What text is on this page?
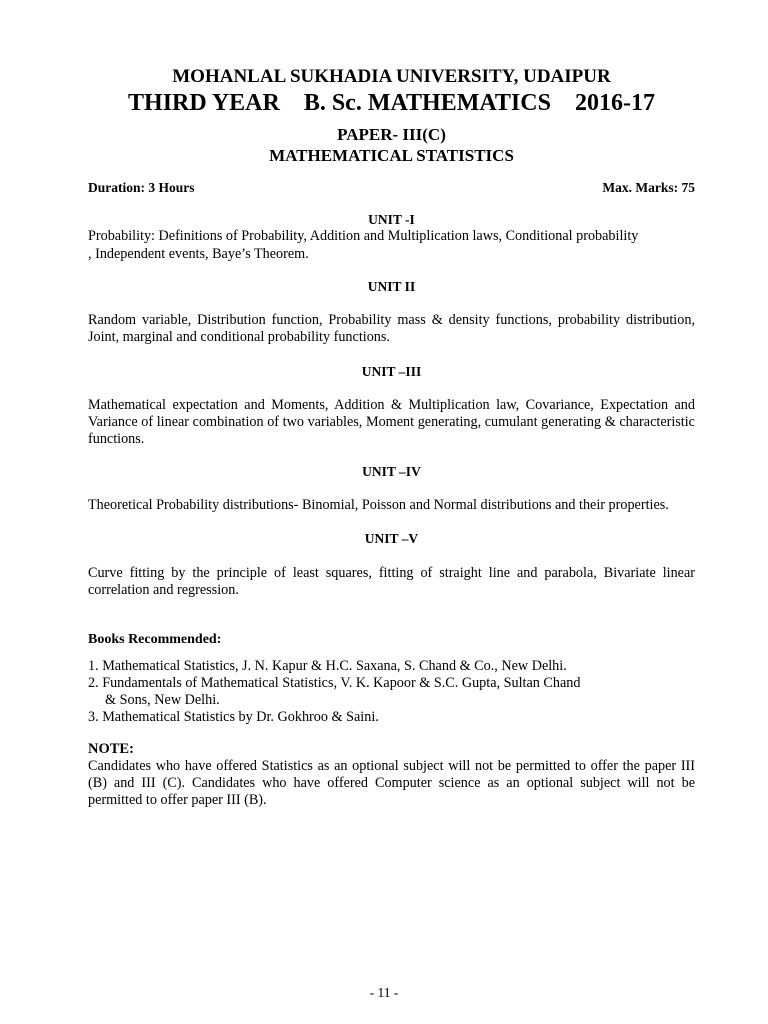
MOHANLAL SUKHADIA UNIVERSITY, UDAIPUR
THIRD YEAR    B. Sc. MATHEMATICS    2016-17
PAPER- III(C)
MATHEMATICAL STATISTICS
Duration: 3 Hours	Max. Marks: 75
UNIT -I
Probability: Definitions of Probability, Addition and Multiplication laws, Conditional probability
, Independent events, Baye’s Theorem.
UNIT II
Random variable, Distribution function, Probability mass & density functions, probability distribution, Joint, marginal and conditional probability functions.
UNIT –III
Mathematical expectation and Moments, Addition & Multiplication law, Covariance, Expectation and Variance of linear combination of two variables, Moment generating, cumulant generating & characteristic functions.
UNIT –IV
Theoretical Probability distributions- Binomial, Poisson and Normal distributions and their properties.
UNIT –V
Curve fitting by the principle of least squares, fitting of straight line and parabola, Bivariate linear correlation and regression.
Books Recommended:
1. Mathematical Statistics, J. N. Kapur & H.C. Saxana, S. Chand & Co., New Delhi.
2. Fundamentals of Mathematical Statistics, V. K. Kapoor & S.C. Gupta, Sultan Chand
& Sons, New Delhi.
3. Mathematical Statistics by Dr. Gokhroo & Saini.
NOTE:
Candidates who have offered Statistics as an optional subject will not be permitted to offer the paper III (B) and III (C). Candidates who have offered Computer science as an optional subject will not be permitted to offer paper III (B).
- 11 -
